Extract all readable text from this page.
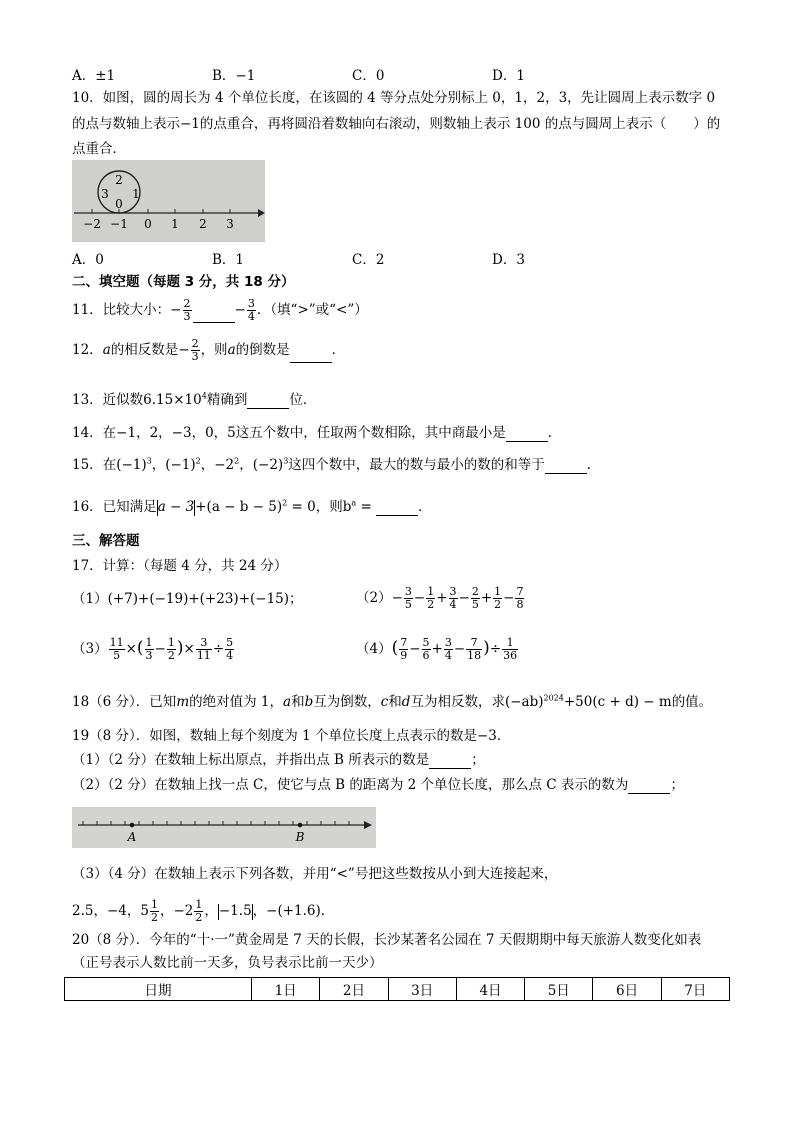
A．±1	B．−1	C．0	D．1
10．如图，圆的周长为 4 个单位长度，在该圆的 4 等分点处分别标上 0，1，2，3，先让圆周上表示数字 0
的点与数轴上表示−1的点重合，再将圆沿着数轴向右滚动，则数轴上表示 100 的点与圆周上表示（　　）的
点重合．
2
0
3 1
−2 −1 0 1 2 3
A．0	B．1	C．2	D．3
二、填空题（每题 3 分，共 18 分）
11．比较大小：− $\frac{2}{3}$	− $\frac{3}{4}$ ．（填“>”或“<”）
12．a的相反数是− $\frac{2}{3}$ ，则a的倒数是	．
13．近似数$6.15\times 10^4$精确到	位．
14．在−1，2，−3，0，5这五个数中，任取两个数相除，其中商最小是	．
15．在$(-1)^3$，$(-1)^2$，$-2^2$，$(-2)^3$这四个数中，最大的数与最小的数的和等于	．
16．已知满足$a - 3+(a - b - 5)^2 = 0$，则$b^a$ =	．
三、解答题
17．计算：（每题 4 分，共 24 分）
（1）(+7)+(−19)+(+23)+(−15)；	$(2)- \frac{3}{5} - \frac{1}{2} + \frac{3}{4} - \frac{2}{5} + \frac{1}{2} - \frac{7}{8}$
$(3) \frac{11}{5}$ ×( $\frac{1}{3} - \frac{1}{2}$ )× $\frac{3}{11} \div \frac{5}{4}$	$(4)( \frac{7}{9} - \frac{5}{6} + \frac{3}{4} - \frac{7}{18}$ )÷ $\frac{1}{36}$
18（6 分）．已知m的绝对值为 1，a和b互为倒数，c和d互为相反数，求$(-ab)^{2024}+50(c + d) - m$的值。
19（8 分）．如图，数轴上每个刻度为 1 个单位长度上点表示的数是−3．
（1）（2 分）在数轴上标出原点，并指出点 B 所表示的数是	；
（2）（2 分）在数轴上找一点 C，使它与点 B 的距离为 2 个单位长度，那么点 C 表示的数为	；
A	B
（3）（4 分）在数轴上表示下列各数，并用“<”号把这些数按从小到大连接起来，
2.5，−4，$5 \frac{1}{2}$ ，$-2 \frac{1}{2}$ ，−1.5，−(+1.6)．
20（8 分）．今年的“十·一”黄金周是 7 天的长假，长沙某著名公园在 7 天假期期中每天旅游人数变化如表
（正号表示人数比前一天多，负号表示比前一天少）
日期	1日	2日	3日	4日	5日	6日	7日
